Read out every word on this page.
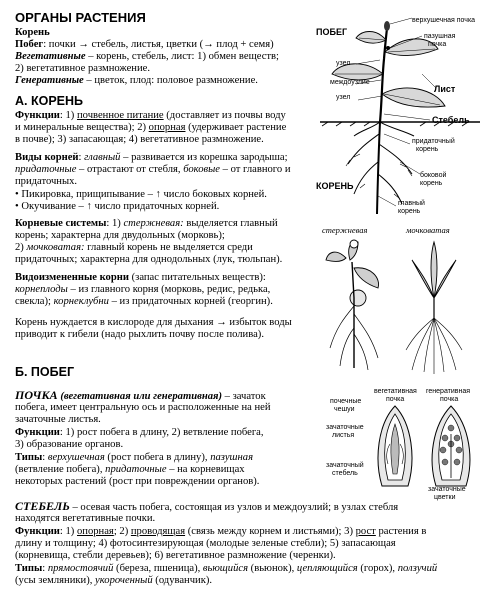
ОРГАНЫ РАСТЕНИЯ

Корень

Побег: почки → стебель, листья, цветки (→ плод + семя)

Вегетативные – корень, стебель, лист: 1) обмен веществ;

2) вегетативное размножение.

Генеративные – цветок, плод: половое размножение.

А. КОРЕНЬ

Функции: 1) почвенное питание (доставляет из почвы воду

и минеральные вещества); 2) опорная (удерживает растение

в почве); 3) запасающая; 4) вегетативное размножение.

Виды корней: главный – развивается из корешка зародыша;

придаточные – отрастают от стебля, боковые – от главного и

придаточных.

• Пикировка, прищипывание – ↑ число боковых корней.

• Окучивание – ↑ число придаточных корней.

Корневые системы: 1) стержневая: выделяется главный

корень; характерна для двудольных (морковь);

2) мочковатая: главный корень не выделяется среди

придаточных; характерна для однодольных (лук, тюльпан).

Видоизмененные корни (запас питательных веществ):

корнеплоды – из главного корня (морковь, редис, редька,

свекла); корнеклубни – из придаточных корней (георгин).

Корень нуждается в кислороде для дыхания → избыток воды

приводит к гибели (надо рыхлить почву после полива).

Б. ПОБЕГ

ПОЧКА (вегетативная или генеративная) – зачаток

побега, имеет центральную ось и расположенные на ней

зачаточные листья.

Функции: 1) рост побега в длину, 2) ветвление побега,

3) образование органов.

Типы: верхушечная (рост побега в длину), пазушная

(ветвление побега), придаточные – на корневищах

некоторых растений (рост при повреждении органов).

СТЕБЕЛЬ – осевая часть побега, состоящая из узлов и междоузлий; в узлах стебля

находятся вегетативные почки.

Функции: 1) опорная; 2) проводящая (связь между корнем и листьями); 3) рост растения в

длину и толщину; 4) фотосинтезирующая (молодые зеленые стебли); 5) запасающая

(корневища, стебли деревьев); 6) вегетативное размножение (черенки).

Типы: прямостоячий (береза, пшеница), вьющийся (вьюнок), цепляющийся (горох), ползучий

(усы земляники), укороченный (одуванчик).

ПОБЕГ
верхушечная почка
пазушная
почка
узел
междоузлие
узел
Лист
Стебель
придаточный
корень
КОРЕНЬ
боковой
корень
главный
корень
стержневая	мочковатая
вегетативная
почка
генеративная
почка
почечные
чешуи
зачаточные
листья
зачаточный
стебель
зачаточные
цветки
